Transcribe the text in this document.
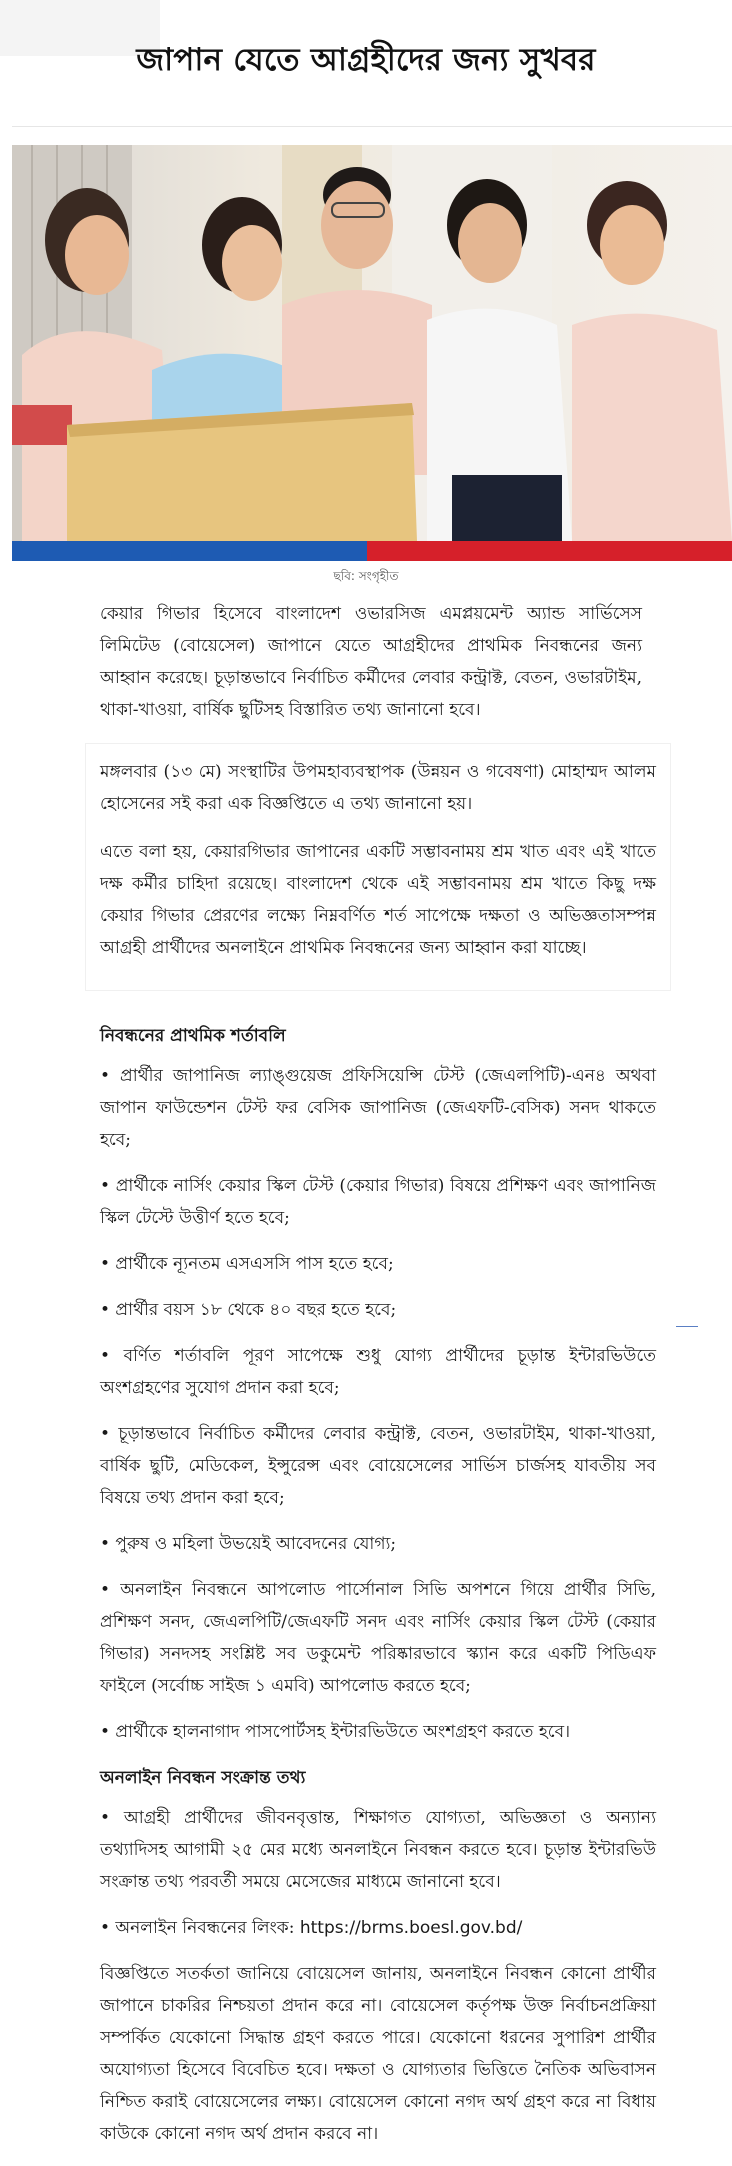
জাপান যেতে আগ্রহীদের জন্য সুখবর
ছবি: সংগৃহীত

কেয়ার গিভার হিসেবে বাংলাদেশ ওভারসিজ এমপ্লয়মেন্ট অ্যান্ড সার্ভিসেস লিমিটেড (বোয়েসেল) জাপানে যেতে আগ্রহীদের প্রাথমিক নিবন্ধনের জন্য আহ্বান করেছে। চূড়ান্তভাবে নির্বাচিত কর্মীদের লেবার কন্ট্রাক্ট, বেতন, ওভারটাইম, থাকা-খাওয়া, বার্ষিক ছুটিসহ বিস্তারিত তথ্য জানানো হবে।

মঙ্গলবার (১৩ মে) সংস্থাটির উপমহাব্যবস্থাপক (উন্নয়ন ও গবেষণা) মোহাম্মদ আলম হোসেনের সই করা এক বিজ্ঞপ্তিতে এ তথ্য জানানো হয়।

এতে বলা হয়, কেয়ারগিভার জাপানের একটি সম্ভাবনাময় শ্রম খাত এবং এই খাতে দক্ষ কর্মীর চাহিদা রয়েছে। বাংলাদেশ থেকে এই সম্ভাবনাময় শ্রম খাতে কিছু দক্ষ কেয়ার গিভার প্রেরণের লক্ষ্যে নিম্নবর্ণিত শর্ত সাপেক্ষে দক্ষতা ও অভিজ্ঞতাসম্পন্ন আগ্রহী প্রার্থীদের অনলাইনে প্রাথমিক নিবন্ধনের জন্য আহ্বান করা যাচ্ছে।

নিবন্ধনের প্রাথমিক শর্তাবলি

• প্রার্থীর জাপানিজ ল্যাঙ্গুয়েজ প্রফিসিয়েন্সি টেস্ট (জেএলপিটি)-এন৪ অথবা জাপান ফাউন্ডেশন টেস্ট ফর বেসিক জাপানিজ (জেএফটি-বেসিক) সনদ থাকতে হবে;

• প্রার্থীকে নার্সিং কেয়ার স্কিল টেস্ট (কেয়ার গিভার) বিষয়ে প্রশিক্ষণ এবং জাপানিজ স্কিল টেস্টে উত্তীর্ণ হতে হবে;

• প্রার্থীকে ন্যূনতম এসএসসি পাস হতে হবে;

• প্রার্থীর বয়স ১৮ থেকে ৪০ বছর হতে হবে;

• বর্ণিত শর্তাবলি পূরণ সাপেক্ষে শুধু যোগ্য প্রার্থীদের চূড়ান্ত ইন্টারভিউতে অংশগ্রহণের সুযোগ প্রদান করা হবে;

• চূড়ান্তভাবে নির্বাচিত কর্মীদের লেবার কন্ট্রাক্ট, বেতন, ওভারটাইম, থাকা-খাওয়া, বার্ষিক ছুটি, মেডিকেল, ইন্সুরেন্স এবং বোয়েসেলের সার্ভিস চার্জসহ যাবতীয় সব বিষয়ে তথ্য প্রদান করা হবে;

• পুরুষ ও মহিলা উভয়েই আবেদনের যোগ্য;

• অনলাইন নিবন্ধনে আপলোড পার্সোনাল সিভি অপশনে গিয়ে প্রার্থীর সিভি, প্রশিক্ষণ সনদ, জেএলপিটি/জেএফটি সনদ এবং নার্সিং কেয়ার স্কিল টেস্ট (কেয়ার গিভার) সনদসহ সংশ্লিষ্ট সব ডকুমেন্ট পরিষ্কারভাবে স্ক্যান করে একটি পিডিএফ ফাইলে (সর্বোচ্চ সাইজ ১ এমবি) আপলোড করতে হবে;

• প্রার্থীকে হালনাগাদ পাসপোর্টসহ ইন্টারভিউতে অংশগ্রহণ করতে হবে।

অনলাইন নিবন্ধন সংক্রান্ত তথ্য

• আগ্রহী প্রার্থীদের জীবনবৃত্তান্ত, শিক্ষাগত যোগ্যতা, অভিজ্ঞতা ও অন্যান্য তথ্যাদিসহ আগামী ২৫ মের মধ্যে অনলাইনে নিবন্ধন করতে হবে। চূড়ান্ত ইন্টারভিউ সংক্রান্ত তথ্য পরবর্তী সময়ে মেসেজের মাধ্যমে জানানো হবে।

• অনলাইন নিবন্ধনের লিংক: https://brms.boesl.gov.bd/

বিজ্ঞপ্তিতে সতর্কতা জানিয়ে বোয়েসেল জানায়, অনলাইনে নিবন্ধন কোনো প্রার্থীর জাপানে চাকরির নিশ্চয়তা প্রদান করে না। বোয়েসেল কর্তৃপক্ষ উক্ত নির্বাচনপ্রক্রিয়া সম্পর্কিত যেকোনো সিদ্ধান্ত গ্রহণ করতে পারে। যেকোনো ধরনের সুপারিশ প্রার্থীর অযোগ্যতা হিসেবে বিবেচিত হবে। দক্ষতা ও যোগ্যতার ভিত্তিতে নৈতিক অভিবাসন নিশ্চিত করাই বোয়েসেলের লক্ষ্য। বোয়েসেল কোনো নগদ অর্থ গ্রহণ করে না বিধায় কাউকে কোনো নগদ অর্থ প্রদান করবে না।
